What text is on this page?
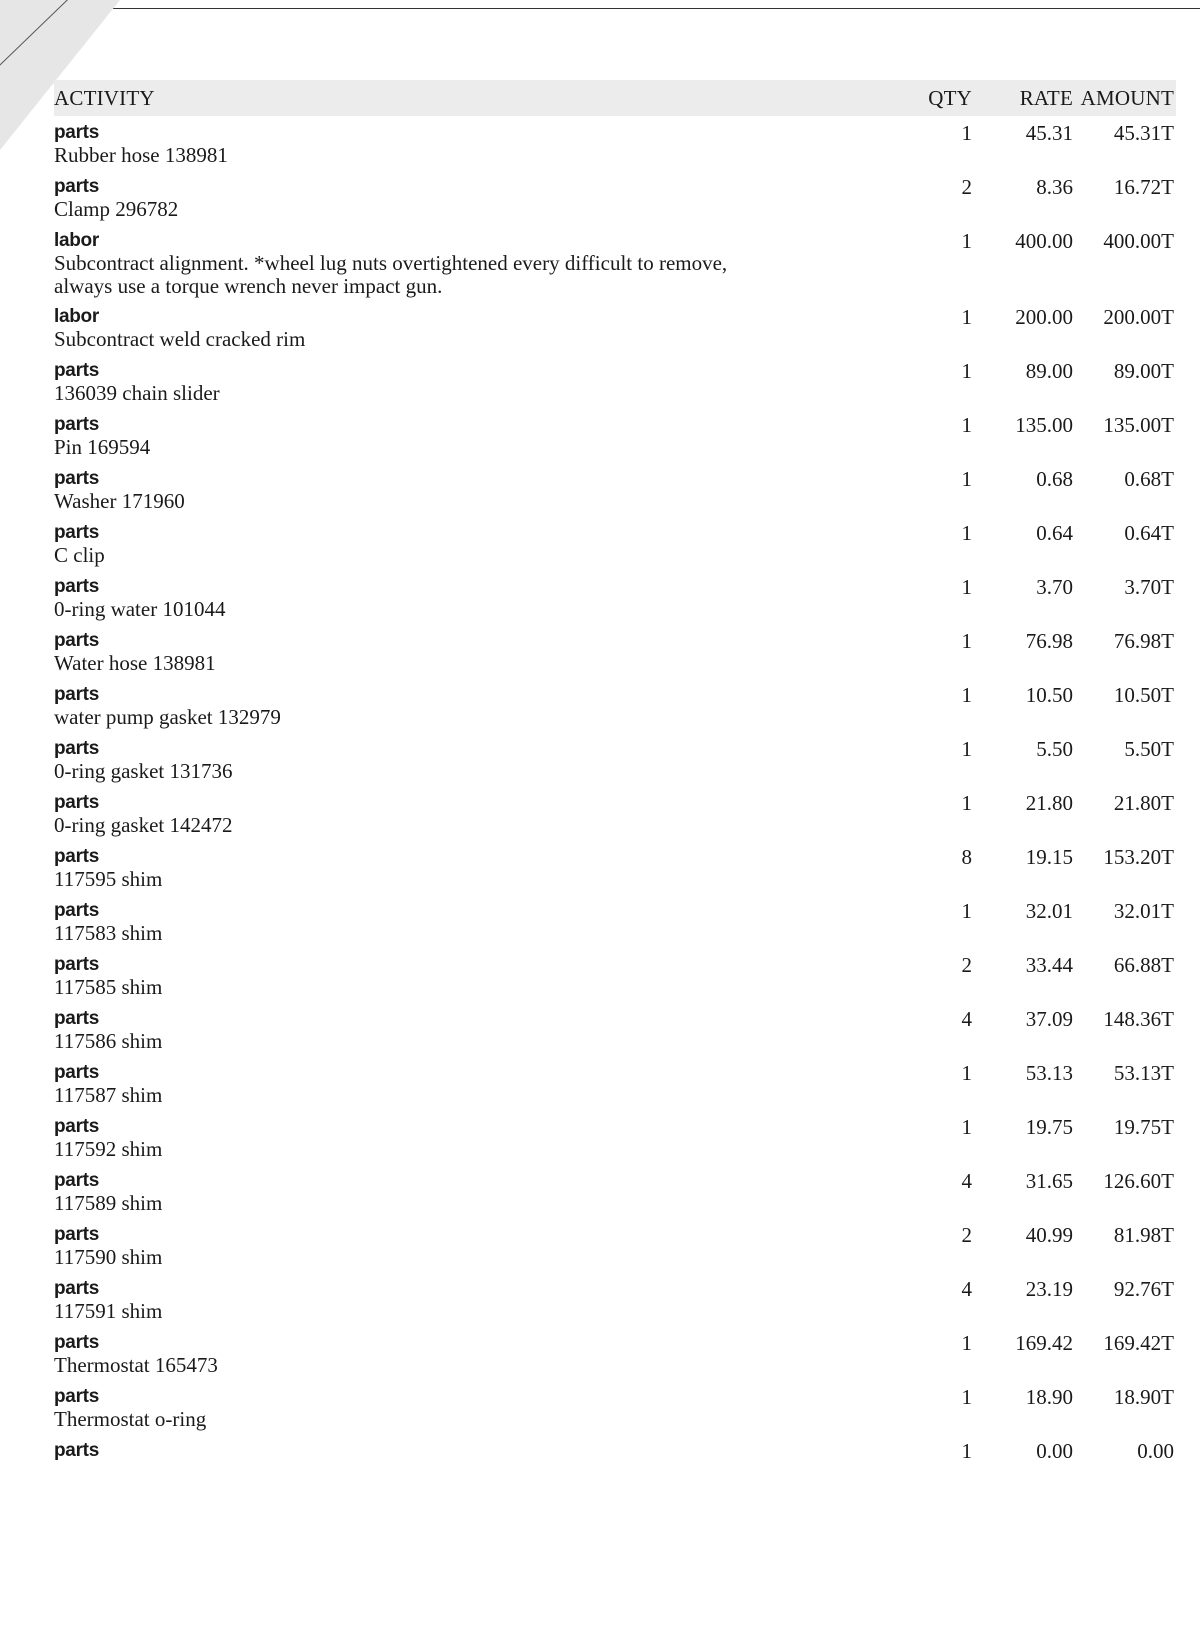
ACTIVITY	QTY	RATE AMOUNT
parts
Rubber hose 138981
1	45.31	45.31T
parts
Clamp 296782
2	8.36	16.72T
labor
Subcontract alignment. *wheel lug nuts overtightened every difficult to remove,
always use a torque wrench never impact gun.
1	400.00	400.00T
labor
Subcontract weld cracked rim
1	200.00	200.00T
parts
136039 chain slider
1	89.00	89.00T
parts
Pin 169594
1	135.00	135.00T
parts
Washer 171960
1	0.68	0.68T
parts
C clip
1	0.64	0.64T
parts
0-ring water 101044
1	3.70	3.70T
parts
Water hose 138981
1	76.98	76.98T
parts
water pump gasket 132979
1	10.50	10.50T
parts
0-ring gasket 131736
1	5.50	5.50T
parts
0-ring gasket 142472
1	21.80	21.80T
parts
117595 shim
8	19.15	153.20T
parts
117583 shim
1	32.01	32.01T
parts
117585 shim
2	33.44	66.88T
parts
117586 shim
4	37.09	148.36T
parts
117587 shim
1	53.13	53.13T
parts
117592 shim
1	19.75	19.75T
parts
117589 shim
4	31.65	126.60T
parts
117590 shim
2	40.99	81.98T
parts
117591 shim
4	23.19	92.76T
parts
Thermostat 165473
1	169.42	169.42T
parts
Thermostat o-ring
1	18.90	18.90T
parts	1	0.00	0.00
